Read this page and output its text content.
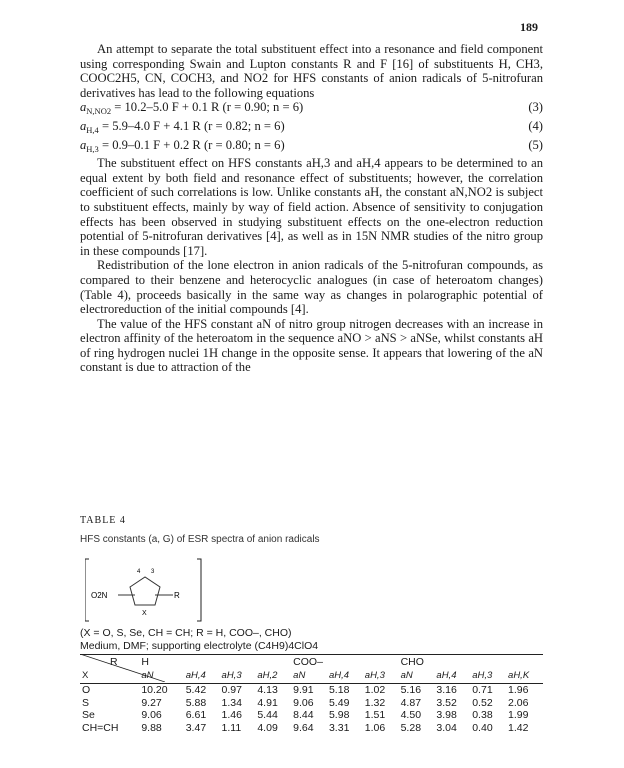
189

An attempt to separate the total substituent effect into a resonance and field component using corresponding Swain and Lupton constants R and F [16] of substituents H, CH3, COOC2H5, CN, COCH3, and NO2 for HFS constants of anion radicals of 5-nitrofuran derivatives has lead to the following equations

$a_{N,NO2} = 10.2-5.0$ F + 0.1 R (r = 0.90; n = 6)	(3)
$a_{H,4} = 5.9-4.0$ F + 4.1 R (r = 0.82; n = 6)	(4)
$a_{H,3} = 0.9-0.1$ F + 0.2 R (r = 0.80; n = 6)	(5)

The substituent effect on HFS constants aH,3 and aH,4 appears to be determined to an equal extent by both field and resonance effect of substituents; however, the correlation coefficient of such correlations is low. Unlike constants aH, the constant aN,NO2 is subject to substituent effects, mainly by way of field action. Absence of sensitivity to conjugation effects has been observed in studying substituent effects on the one-electron reduction potential of 5-nitrofuran derivatives [4], as well as in 15N NMR studies of the nitro group in these compounds [17].

Redistribution of the lone electron in anion radicals of the 5-nitrofuran compounds, as compared to their benzene and heterocyclic analogues (in case of heteroatom changes) (Table 4), proceeds basically in the same way as changes in polarographic potential of electroreduction of the initial compounds [4].

The value of the HFS constant aN of nitro group nitrogen decreases with an increase in electron affinity of the heteroatom in the sequence aNO > aNS > aNSe, whilst constants aH of ring hydrogen nuclei 1H change in the opposite sense. It appears that lowering of the aN constant is due to attraction of the

TABLE 4
HFS constants (a, G) of ESR spectra of anion radicals
O2N	R
X
4 3
(X = O, S, Se, CH = CH; R = H, COO–, CHO)
Medium, DMF; supporting electrolyte (C4H9)4ClO4
R	H				COO–			CHO			
X	aN	aH,4	aH,3	aH,2	aN	aH,4	aH,3	aN	aH,4	aH,3	aH,K
O	10.20	5.42	0.97	4.13	9.91	5.18	1.02	5.16	3.16	0.71	1.96
S	9.27	5.88	1.34	4.91	9.06	5.49	1.32	4.87	3.52	0.52	2.06
Se	9.06	6.61	1.46	5.44	8.44	5.98	1.51	4.50	3.98	0.38	1.99
CH=CH	9.88	3.47	1.11	4.09	9.64	3.31	1.06	5.28	3.04	0.40	1.42
